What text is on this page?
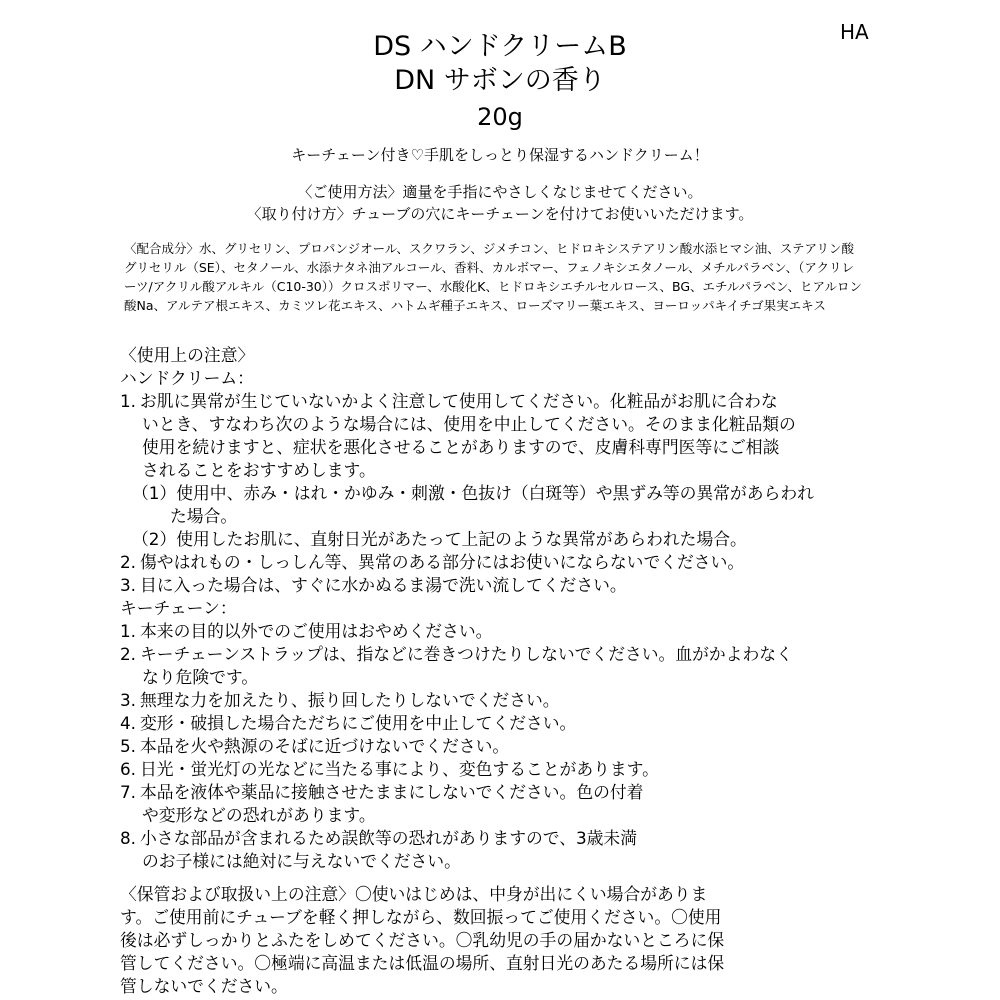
HA
DS ハンドクリームB
DN サボンの香り
20g
キーチェーン付き♡手肌をしっとり保湿するハンドクリーム！
〈ご使用方法〉適量を手指にやさしくなじませてください。
〈取り付け方〉チューブの穴にキーチェーンを付けてお使いいただけます。
〈配合成分〉水、グリセリン、プロパンジオール、スクワラン、ジメチコン、ヒドロキシステアリン酸水添ヒマシ油、ステアリン酸グリセリル（SE）、セタノール、水添ナタネ油アルコール、香料、カルボマー、フェノキシエタノール、メチルパラベン、（アクリレーツ/アクリル酸アルキル（C10-30））クロスポリマー、水酸化K、ヒドロキシエチルセルロース、BG、エチルパラベン、ヒアルロン酸Na、アルテア根エキス、カミツレ花エキス、ハトムギ種子エキス、ローズマリー葉エキス、ヨーロッパキイチゴ果実エキス
〈使用上の注意〉
ハンドクリーム：
1. お肌に異常が生じていないかよく注意して使用してください。化粧品がお肌に合わな
いとき、すなわち次のような場合には、使用を中止してください。そのまま化粧品類の
使用を続けますと、症状を悪化させることがありますので、皮膚科専門医等にご相談
されることをおすすめします。
（1）使用中、赤み・はれ・かゆみ・刺激・色抜け（白斑等）や黒ずみ等の異常があらわれ
た場合。
（2）使用したお肌に、直射日光があたって上記のような異常があらわれた場合。
2. 傷やはれもの・しっしん等、異常のある部分にはお使いにならないでください。
3. 目に入った場合は、すぐに水かぬるま湯で洗い流してください。
キーチェーン：
1. 本来の目的以外でのご使用はおやめください。
2. キーチェーンストラップは、指などに巻きつけたりしないでください。血がかよわなく
なり危険です。
3. 無理な力を加えたり、振り回したりしないでください。
4. 変形・破損した場合ただちにご使用を中止してください。
5. 本品を火や熱源のそばに近づけないでください。
6. 日光・蛍光灯の光などに当たる事により、変色することがあります。
7. 本品を液体や薬品に接触させたままにしないでください。色の付着
や変形などの恐れがあります。
8. 小さな部品が含まれるため誤飲等の恐れがありますので、3歳未満
のお子様には絶対に与えないでください。
〈保管および取扱い上の注意〉〇使いはじめは、中身が出にくい場合があります。ご使用前にチューブを軽く押しながら、数回振ってご使用ください。〇使用後は必ずしっかりとふたをしめてください。〇乳幼児の手の届かないところに保管してください。〇極端に高温または低温の場所、直射日光のあたる場所には保管しないでください。
